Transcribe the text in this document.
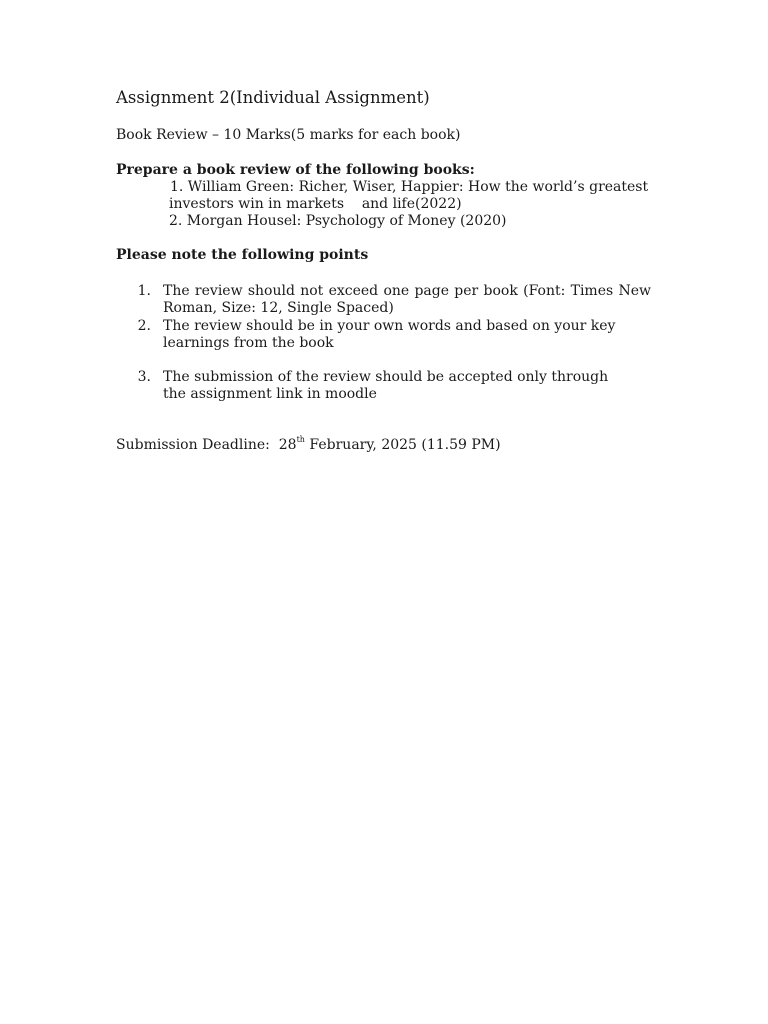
Assignment 2(Individual Assignment)
Book Review – 10 Marks(5 marks for each book)
Prepare a book review of the following books:
1. William Green: Richer, Wiser, Happier: How the world’s greatest
investors win in markets    and life(2022)
2. Morgan Housel: Psychology of Money (2020)
Please note the following points
1. The review should not exceed one page per book (Font: Times New Roman, Size: 12, Single Spaced)
2. The review should be in your own words and based on your key learnings from the book
3. The submission of the review should be accepted only through the assignment link in moodle
Submission Deadline: 28th February, 2025 (11.59 PM)
